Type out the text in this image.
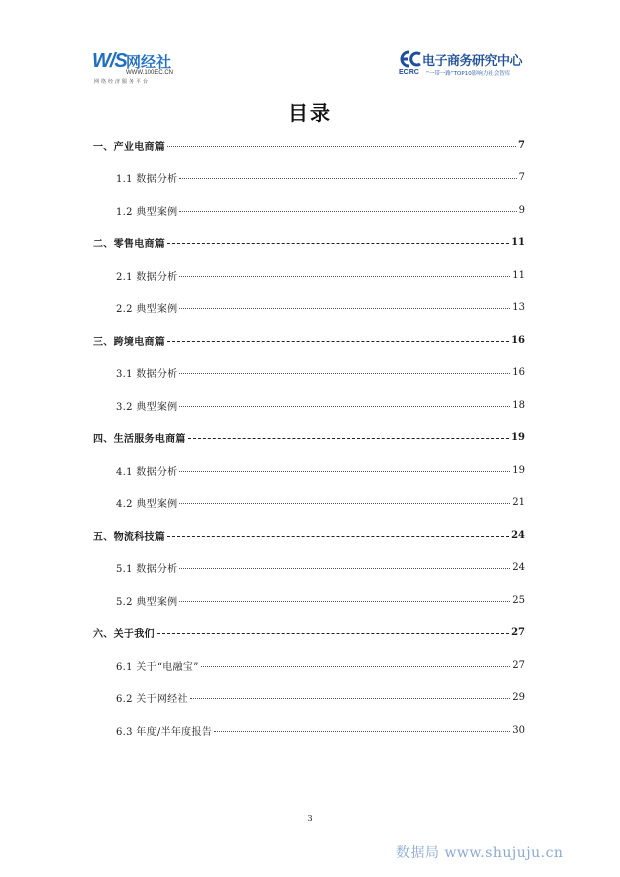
W/S 网经社
WWW.100EC.CN
网络经济服务平台
电子商务研究中心
ECRC “一带一路”TOP10影响力社会智库
目录
一、产业电商篇	7
1.1 数据分析	7
1.2 典型案例	9
二、零售电商篇	11
2.1 数据分析	11
2.2 典型案例	13
三、跨境电商篇	16
3.1 数据分析	16
3.2 典型案例	18
四、生活服务电商篇	19
4.1 数据分析	19
4.2 典型案例	21
五、物流科技篇	24
5.1 数据分析	24
5.2 典型案例	25
六、关于我们	27
6.1 关于“电融宝”	27
6.2 关于网经社	29
6.3 年度/半年度报告	30
3
数据局 www.shujuju.cn
